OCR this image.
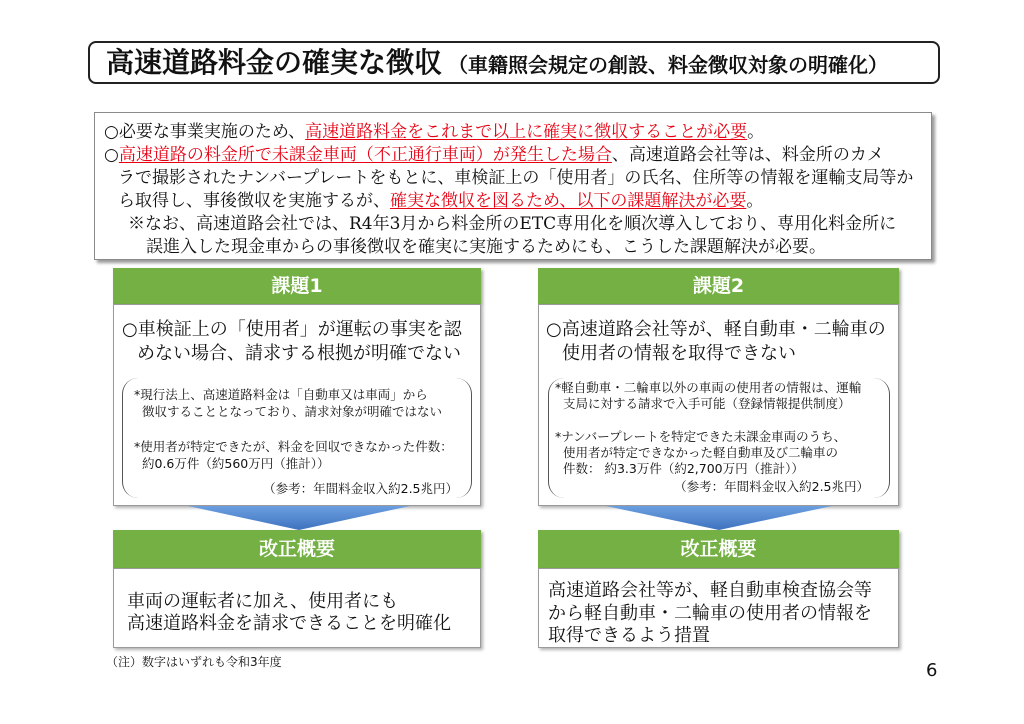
高速道路料金の確実な徴収 （車籍照会規定の創設、料金徴収対象の明確化）
○必要な事業実施のため、高速道路料金をこれまで以上に確実に徴収することが必要。
○高速道路の料金所で未課金車両（不正通行車両）が発生した場合、高速道路会社等は、料金所のカメ
ラで撮影されたナンバープレートをもとに、車検証上の「使用者」の氏名、住所等の情報を運輸支局等か
ら取得し、事後徴収を実施するが、確実な徴収を図るため、以下の課題解決が必要。
※なお、高速道路会社では、R4年3月から料金所のETC専用化を順次導入しており、専用化料金所に
誤進入した現金車からの事後徴収を確実に実施するためにも、こうした課題解決が必要。
課題1
○車検証上の「使用者」が運転の事実を認
めない場合、請求する根拠が明確でない
*現行法上、高速道路料金は「自動車又は車両」から
徴収することとなっており、請求対象が明確ではない
*使用者が特定できたが、料金を回収できなかった件数：
約0.6万件（約560万円（推計））
（参考：年間料金収入約2.5兆円）
改正概要
車両の運転者に加え、使用者にも
高速道路料金を請求できることを明確化
課題2
○高速道路会社等が、軽自動車・二輪車の
使用者の情報を取得できない
*軽自動車・二輪車以外の車両の使用者の情報は、運輸
支局に対する請求で入手可能（登録情報提供制度）
*ナンバープレートを特定できた未課金車両のうち、
使用者が特定できなかった軽自動車及び二輪車の
件数： 約3.3万件（約2,700万円（推計））
（参考：年間料金収入約2.5兆円）
改正概要
高速道路会社等が、軽自動車検査協会等
から軽自動車・二輪車の使用者の情報を
取得できるよう措置
（注）数字はいずれも令和3年度	6
